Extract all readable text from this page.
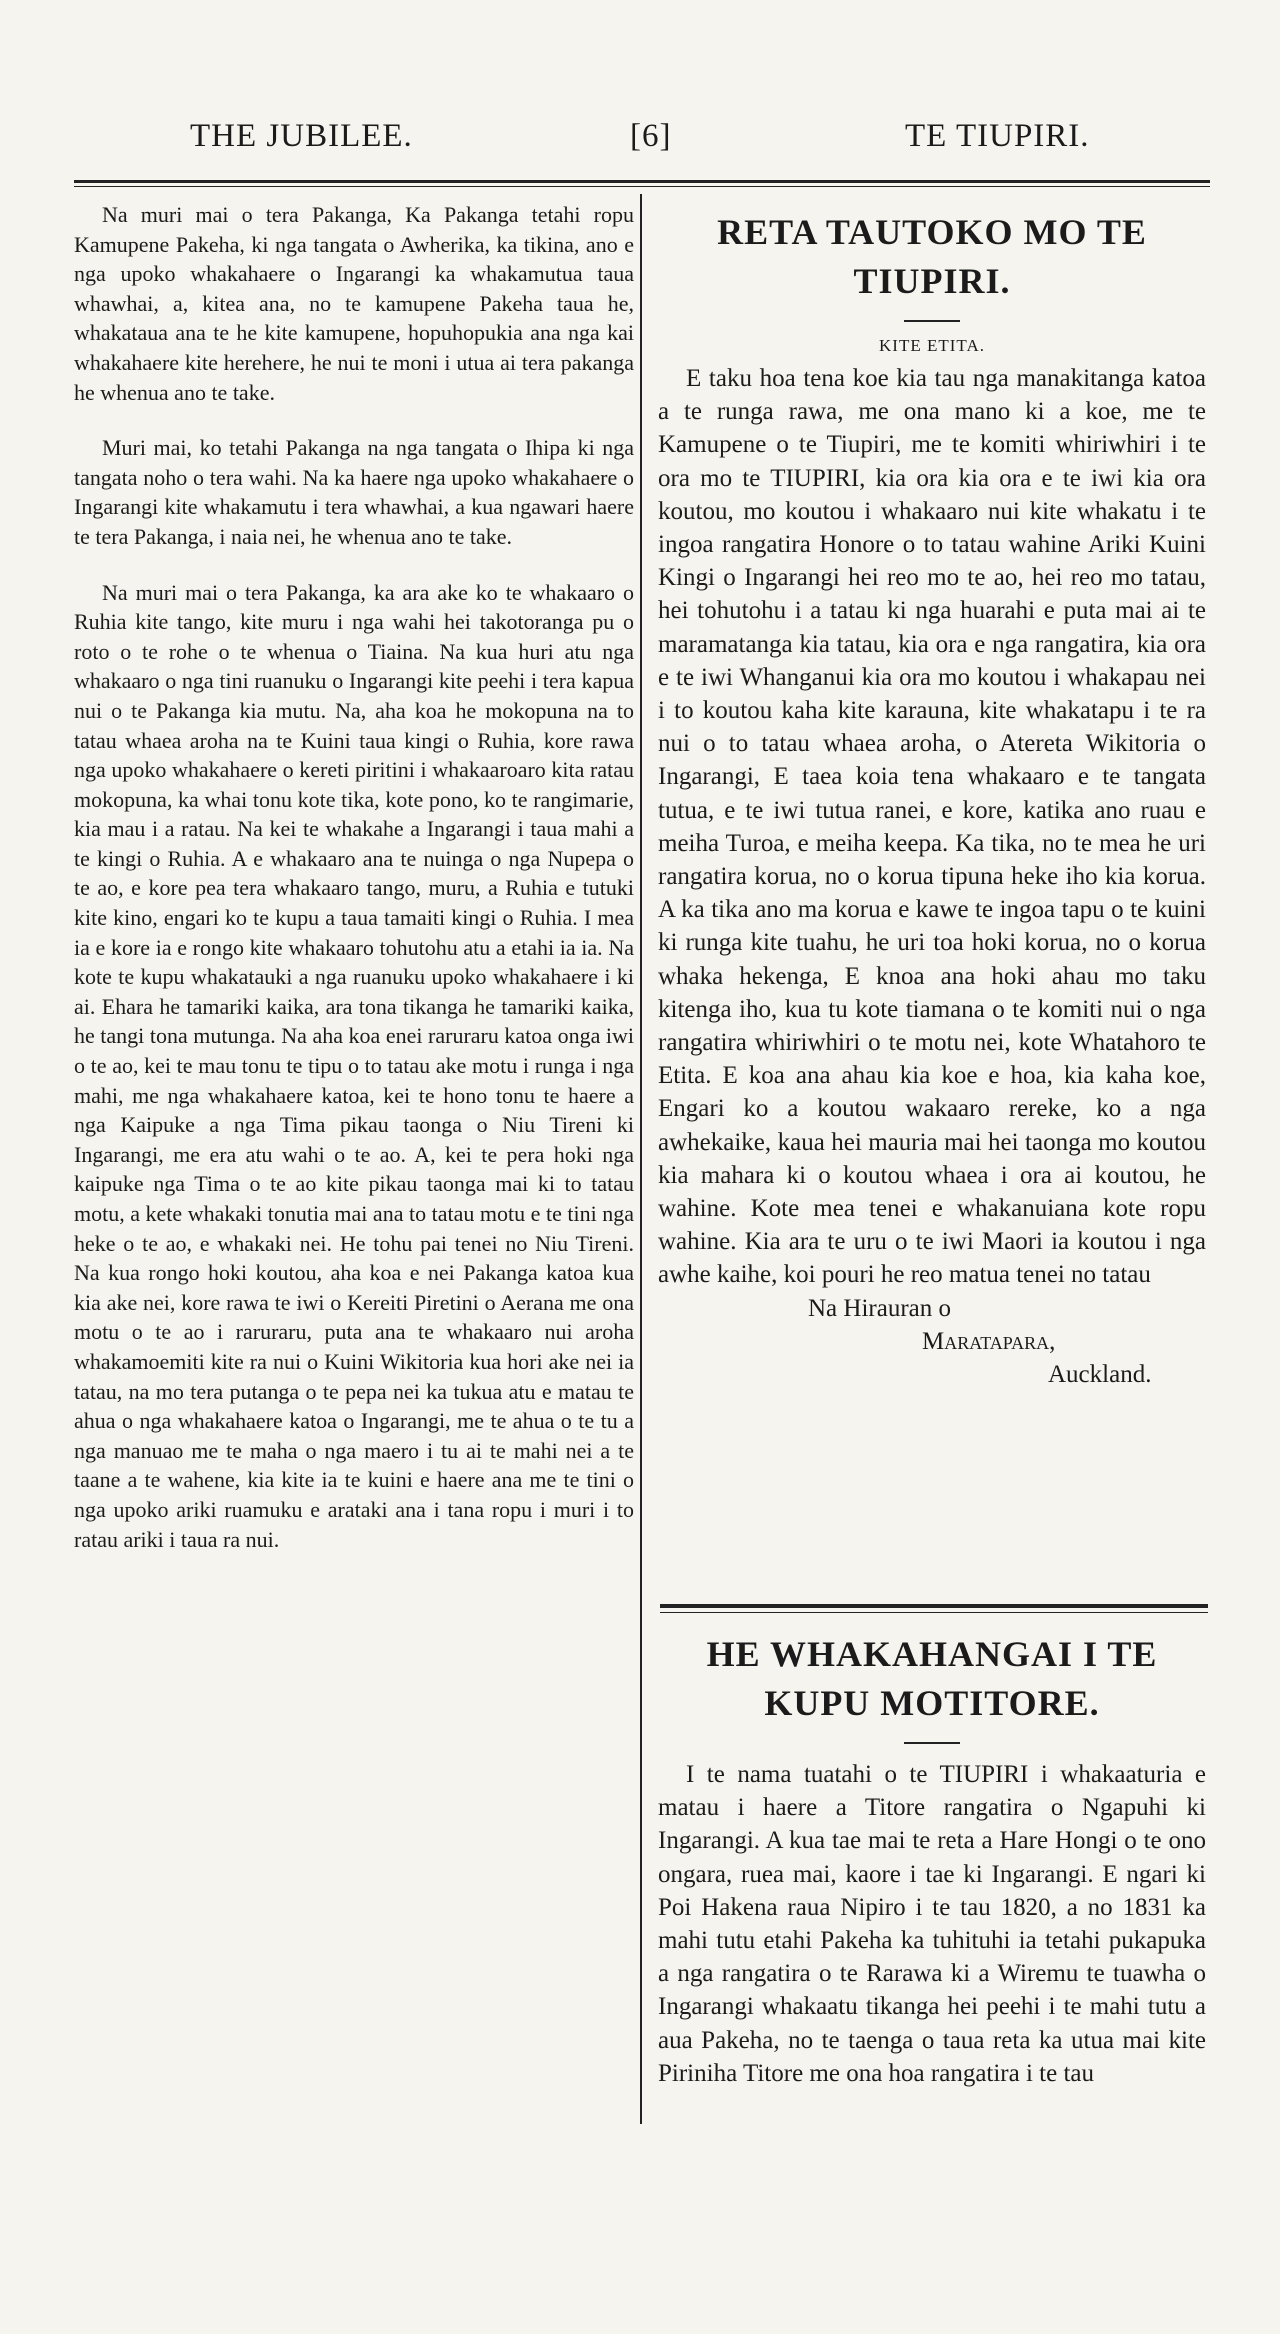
THE JUBILEE.	[6]	TE TIUPIRI.

Na muri mai o tera Pakanga, Ka Pakanga tetahi ropu Kamupene Pakeha, ki nga tangata o Awherika, ka tikina, ano e nga upoko whakahaere o Ingarangi ka whakamutua taua whawhai, a, kitea ana, no te kamupene Pakeha taua he, whakataua ana te he kite kamupene, hopuhopukia ana nga kai whakahaere kite herehere, he nui te moni i utua ai tera pakanga he whenua ano te take.

Muri mai, ko tetahi Pakanga na nga tangata o Ihipa ki nga tangata noho o tera wahi. Na ka haere nga upoko whakahaere o Ingarangi kite whakamutu i tera whawhai, a kua ngawari haere te tera Pakanga, i naia nei, he whenua ano te take.

Na muri mai o tera Pakanga, ka ara ake ko te whakaaro o Ruhia kite tango, kite muru i nga wahi hei takotoranga pu o roto o te rohe o te whenua o Tiaina. Na kua huri atu nga whakaaro o nga tini ruanuku o Ingarangi kite peehi i tera kapua nui o te Pakanga kia mutu. Na, aha koa he mokopuna na to tatau whaea aroha na te Kuini taua kingi o Ruhia, kore rawa nga upoko whakahaere o kereti piritini i whakaaroaro kita ratau mokopuna, ka whai tonu kote tika, kote pono, ko te rangimarie, kia mau i a ratau. Na kei te whakahe a Ingarangi i taua mahi a te kingi o Ruhia. A e whakaaro ana te nuinga o nga Nupepa o te ao, e kore pea tera whakaaro tango, muru, a Ruhia e tutuki kite kino, engari ko te kupu a taua tamaiti kingi o Ruhia. I mea ia e kore ia e rongo kite whakaaro tohutohu atu a etahi ia ia. Na kote te kupu whakatauki a nga ruanuku upoko whakahaere i ki ai. Ehara he tamariki kaika, ara tona tikanga he tamariki kaika, he tangi tona mutunga. Na aha koa enei raruraru katoa onga iwi o te ao, kei te mau tonu te tipu o to tatau ake motu i runga i nga mahi, me nga whakahaere katoa, kei te hono tonu te haere a nga Kaipuke a nga Tima pikau taonga o Niu Tireni ki Ingarangi, me era atu wahi o te ao. A, kei te pera hoki nga kaipuke nga Tima o te ao kite pikau taonga mai ki to tatau motu, a kete whakaki tonutia mai ana to tatau motu e te tini nga heke o te ao, e whakaki nei. He tohu pai tenei no Niu Tireni. Na kua rongo hoki koutou, aha koa e nei Pakanga katoa kua kia ake nei, kore rawa te iwi o Kereiti Piretini o Aerana me ona motu o te ao i raruraru, puta ana te whakaaro nui aroha whakamoemiti kite ra nui o Kuini Wikitoria kua hori ake nei ia tatau, na mo tera putanga o te pepa nei ka tukua atu e matau te ahua o nga whakahaere katoa o Ingarangi, me te ahua o te tu a nga manuao me te maha o nga maero i tu ai te mahi nei a te taane a te wahene, kia kite ia te kuini e haere ana me te tini o nga upoko ariki ruamuku e arataki ana i tana ropu i muri i to ratau ariki i taua ra nui.

RETA TAUTOKO MO TE TIUPIRI.
KITE ETITA.

E taku hoa tena koe kia tau nga manakitanga katoa a te runga rawa, me ona mano ki a koe, me te Kamupene o te Tiupiri, me te komiti whiriwhiri i te ora mo te TIUPIRI, kia ora kia ora e te iwi kia ora koutou, mo koutou i whakaaro nui kite whakatu i te ingoa rangatira Honore o to tatau wahine Ariki Kuini Kingi o Ingarangi hei reo mo te ao, hei reo mo tatau, hei tohutohu i a tatau ki nga huarahi e puta mai ai te maramatanga kia tatau, kia ora e nga rangatira, kia ora e te iwi Whanganui kia ora mo koutou i whakapau nei i to koutou kaha kite karauna, kite whakatapu i te ra nui o to tatau whaea aroha, o Atereta Wikitoria o Ingarangi, E taea koia tena whakaaro e te tangata tutua, e te iwi tutua ranei, e kore, katika ano ruau e meiha Turoa, e meiha keepa. Ka tika, no te mea he uri rangatira korua, no o korua tipuna heke iho kia korua. A ka tika ano ma korua e kawe te ingoa tapu o te kuini ki runga kite tuahu, he uri toa hoki korua, no o korua whaka hekenga, E knoa ana hoki ahau mo taku kitenga iho, kua tu kote tiamana o te komiti nui o nga rangatira whiriwhiri o te motu nei, kote Whatahoro te Etita. E koa ana ahau kia koe e hoa, kia kaha koe, Engari ko a koutou wakaaro rereke, ko a nga awhekaike, kaua hei mauria mai hei taonga mo koutou kia mahara ki o koutou whaea i ora ai koutou, he wahine. Kote mea tenei e whakanuiana kote ropu wahine. Kia ara te uru o te iwi Maori ia koutou i nga awhe kaihe, koi pouri he reo matua tenei no tatau

Na Hirauran o
Maratapara,
Auckland.
HE WHAKAHANGAI I TE KUPU MOTITORE.

I te nama tuatahi o te TIUPIRI i whakaaturia e matau i haere a Titore rangatira o Ngapuhi ki Ingarangi. A kua tae mai te reta a Hare Hongi o te ono ongara, ruea mai, kaore i tae ki Ingarangi. E ngari ki Poi Hakena raua Nipiro i te tau 1820, a no 1831 ka mahi tutu etahi Pakeha ka tuhituhi ia tetahi pukapuka a nga rangatira o te Rarawa ki a Wiremu te tuawha o Ingarangi whakaatu tikanga hei peehi i te mahi tutu a aua Pakeha, no te taenga o taua reta ka utua mai kite Piriniha Titore me ona hoa rangatira i te tau
